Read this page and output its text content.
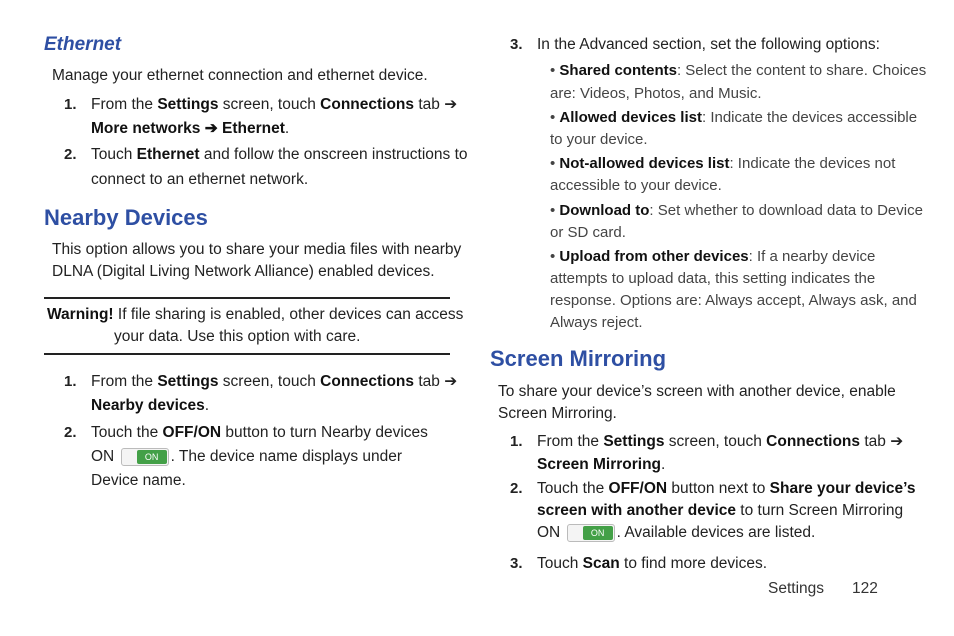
Ethernet
Manage your ethernet connection and ethernet device.
1. From the Settings screen, touch Connections tab ➔
More networks ➔ Ethernet.
2. Touch Ethernet and follow the onscreen instructions to
connect to an ethernet network.
Nearby Devices
This option allows you to share your media files with nearby
DLNA (Digital Living Network Alliance) enabled devices.
Warning! If file sharing is enabled, other devices can access
your data. Use this option with care.
1. From the Settings screen, touch Connections tab ➔
Nearby devices.
2. Touch the OFF/ON button to turn Nearby devices
ON	ON . The device name displays under
Device name.
3. In the Advanced section, set the following options:
• Shared contents: Select the content to share. Choices
are: Videos, Photos, and Music.
• Allowed devices list: Indicate the devices accessible
to your device.
• Not-allowed devices list: Indicate the devices not
accessible to your device.
• Download to: Set whether to download data to Device
or SD card.
• Upload from other devices: If a nearby device
attempts to upload data, this setting indicates the
response. Options are: Always accept, Always ask, and
Always reject.
Screen Mirroring
To share your device’s screen with another device, enable
Screen Mirroring.
1. From the Settings screen, touch Connections tab ➔
Screen Mirroring.
2. Touch the OFF/ON button next to Share your device’s
screen with another device to turn Screen Mirroring
ON	ON . Available devices are listed.
3. Touch Scan to find more devices.
Settings 122
